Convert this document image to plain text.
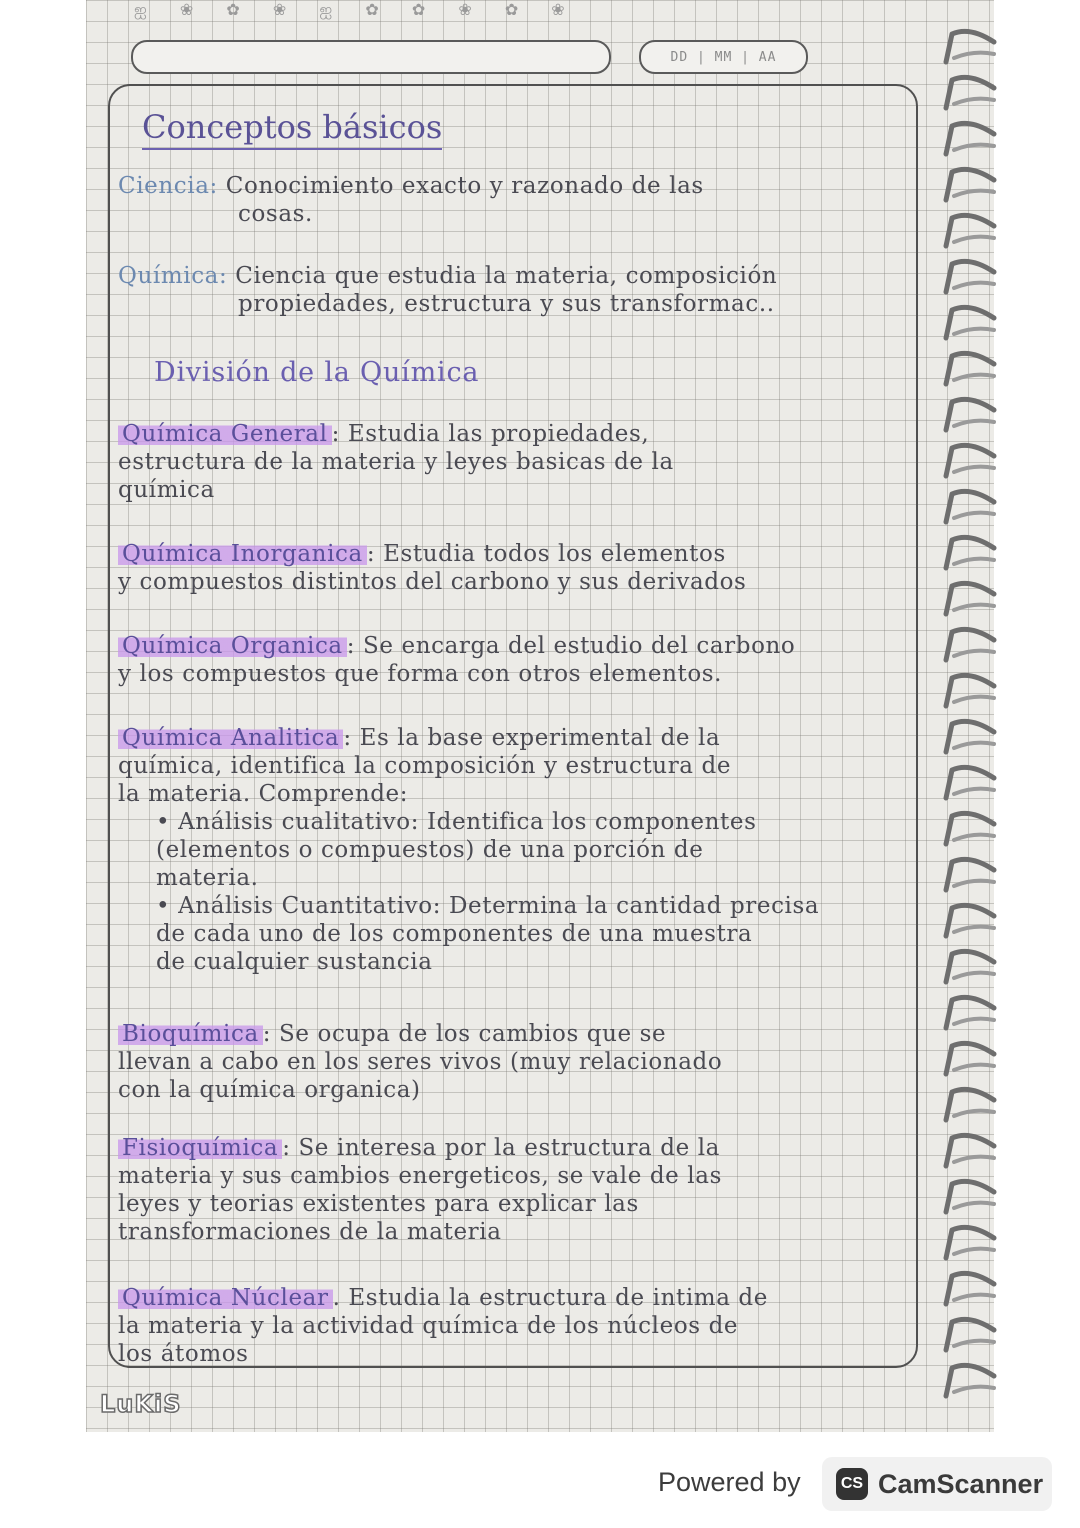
ஐ ❀ ✿ ❀ ஐ ✿ ✿ ❀ ✿ ❀
DD | MM | AA
Conceptos básicos
Ciencia: Conocimiento exacto y razonado de las
cosas.
Química: Ciencia que estudia la materia, composición
propiedades, estructura y sus transformac..
División de la Química
Química General : Estudia las propiedades,
estructura de la materia y leyes basicas de la
química
Química Inorganica : Estudia todos los elementos
y compuestos distintos del carbono y sus derivados
Química Organica : Se encarga del estudio del carbono
y los compuestos que forma con otros elementos.
Química Analitica : Es la base experimental de la
química, identifica la composición y estructura de
la materia. Comprende:
• Análisis cualitativo: Identifica los componentes
(elementos o compuestos) de una porción de
materia.
• Análisis Cuantitativo: Determina la cantidad precisa
de cada uno de los componentes de una muestra
de cualquier sustancia
Bioquímica : Se ocupa de los cambios que se
llevan a cabo en los seres vivos (muy relacionado
con la química organica)
Fisioquímica : Se interesa por la estructura de la
materia y sus cambios energeticos, se vale de las
leyes y teorias existentes para explicar las
transformaciones de la materia
Química Núclear . Estudia la estructura de intima de
la materia y la actividad química de los núcleos de
los átomos
LuKiS
Powered by	CS CamScanner
